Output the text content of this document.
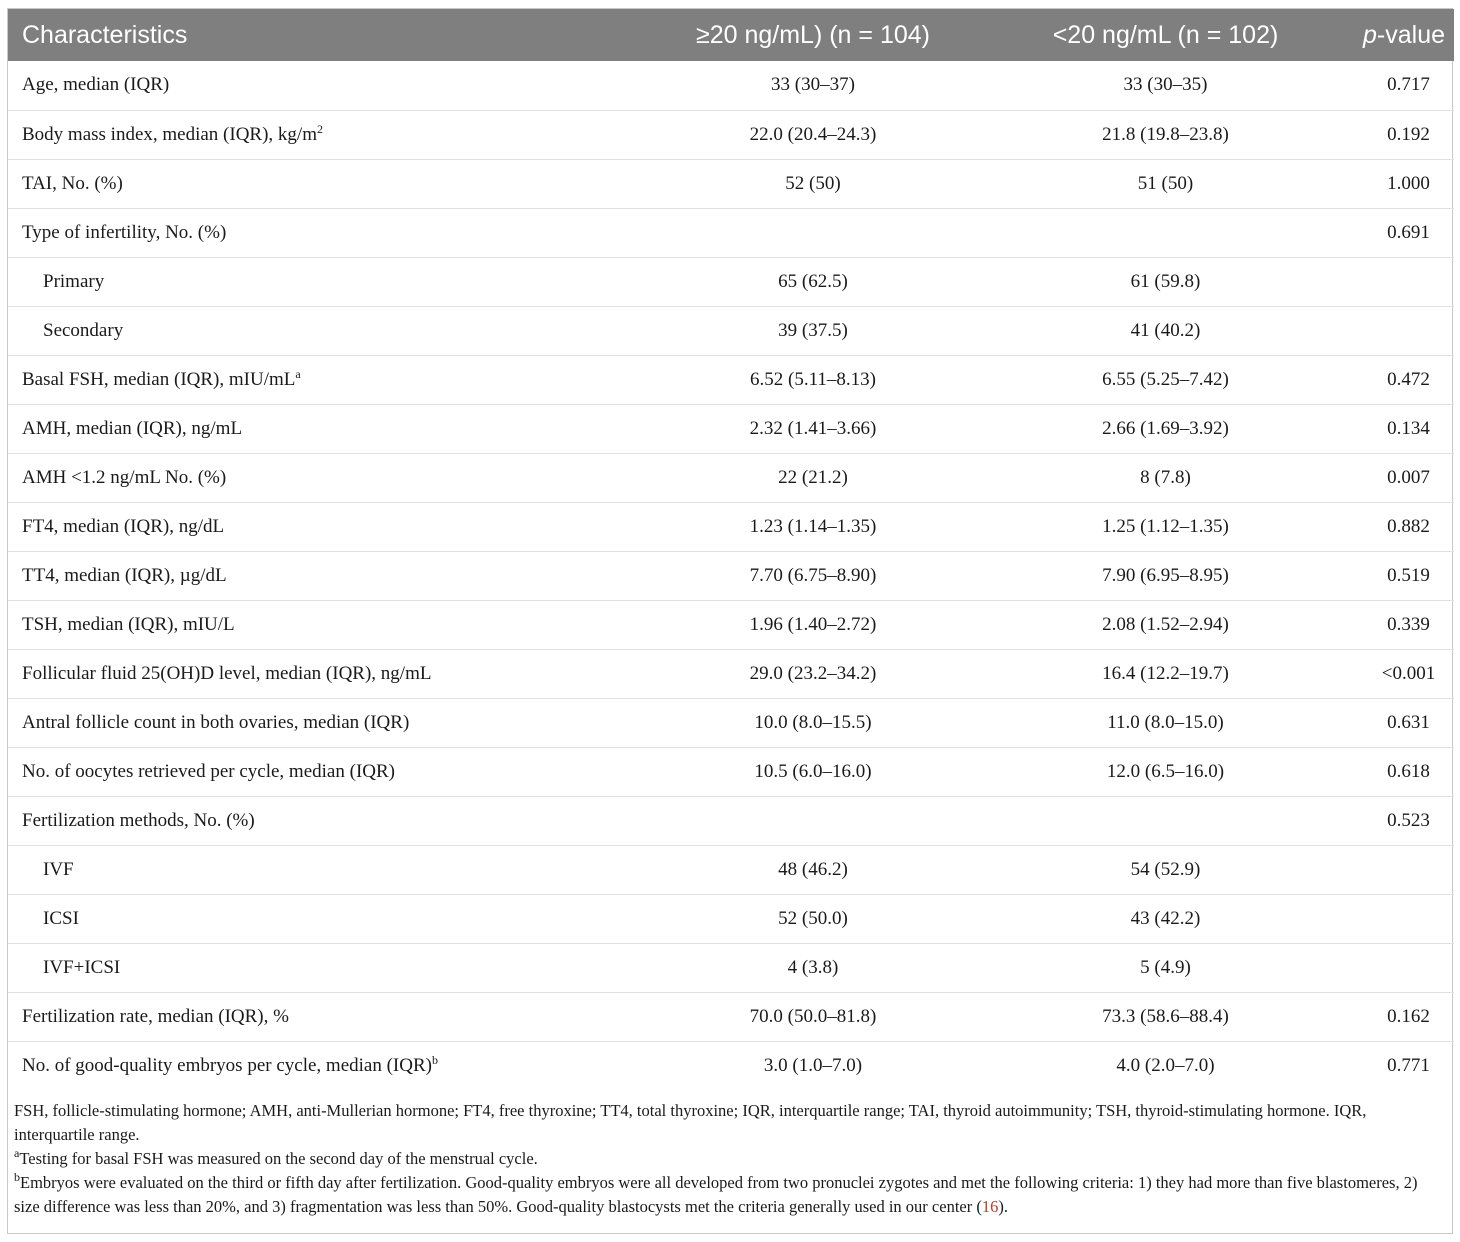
Characteristics	≥20 ng/mL) (n = 104)	<20 ng/mL (n = 102)	p-value
Age, median (IQR)	33 (30–37)	33 (30–35)	0.717
Body mass index, median (IQR), $kg/m^2$	22.0 (20.4–24.3)	21.8 (19.8–23.8)	0.192
TAI, No. (%)	52 (50)	51 (50)	1.000
Type of infertility, No. (%)			0.691
Primary	65 (62.5)	61 (59.8)	
Secondary	39 (37.5)	41 (40.2)	
Basal FSH, median (IQR), mIU/$mL^a$	6.52 (5.11–8.13)	6.55 (5.25–7.42)	0.472
AMH, median (IQR), ng/mL	2.32 (1.41–3.66)	2.66 (1.69–3.92)	0.134
AMH <1.2 ng/mL No. (%)	22 (21.2)	8 (7.8)	0.007
FT4, median (IQR), ng/dL	1.23 (1.14–1.35)	1.25 (1.12–1.35)	0.882
TT4, median (IQR), µg/dL	7.70 (6.75–8.90)	7.90 (6.95–8.95)	0.519
TSH, median (IQR), mIU/L	1.96 (1.40–2.72)	2.08 (1.52–2.94)	0.339
Follicular fluid 25(OH)D level, median (IQR), ng/mL	29.0 (23.2–34.2)	16.4 (12.2–19.7)	<0.001
Antral follicle count in both ovaries, median (IQR)	10.0 (8.0–15.5)	11.0 (8.0–15.0)	0.631
No. of oocytes retrieved per cycle, median (IQR)	10.5 (6.0–16.0)	12.0 (6.5–16.0)	0.618
Fertilization methods, No. (%)			0.523
IVF	48 (46.2)	54 (52.9)	
ICSI	52 (50.0)	43 (42.2)	
IVF+ICSI	4 (3.8)	5 (4.9)	
Fertilization rate, median (IQR), %	70.0 (50.0–81.8)	73.3 (58.6–88.4)	0.162
No. of good-quality embryos per cycle, median (IQR)$^b$	3.0 (1.0–7.0)	4.0 (2.0–7.0)	0.771

FSH, follicle-stimulating hormone; AMH, anti-Mullerian hormone; FT4, free thyroxine; TT4, total thyroxine; IQR, interquartile range; TAI, thyroid autoimmunity; TSH, thyroid-stimulating hormone. IQR, interquartile range.

$^a$Testing for basal FSH was measured on the second day of the menstrual cycle.

$^b$Embryos were evaluated on the third or fifth day after fertilization. Good-quality embryos were all developed from two pronuclei zygotes and met the following criteria: 1) they had more than five blastomeres, 2) size difference was less than 20%, and 3) fragmentation was less than 50%. Good-quality blastocysts met the criteria generally used in our center (16).
